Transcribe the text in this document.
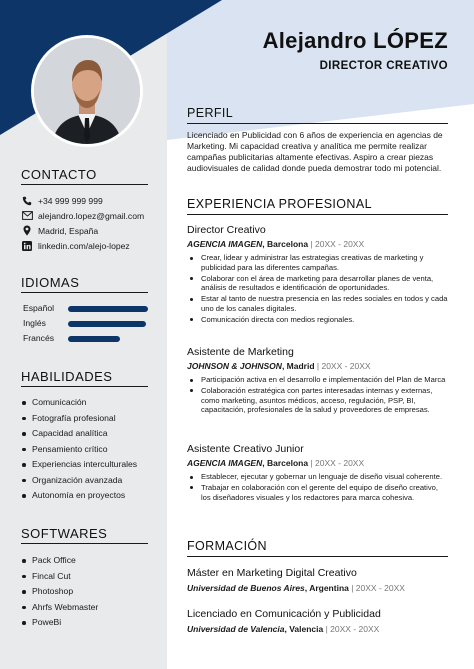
Alejandro LÓPEZ
DIRECTOR CREATIVO
CONTACTO
+34 999 999 999
alejandro.lopez@gmail.com
Madrid, España
linkedin.com/alejo-lopez
IDIOMAS
Español
Inglés
Francés
HABILIDADES
Comunicación
Fotografía profesional
Capacidad analítica
Pensamiento crítico
Experiencias interculturales
Organización avanzada
Autonomía en proyectos
SOFTWARES
Pack Office
Fincal Cut
Photoshop
Ahrfs Webmaster
PoweBi
PERFIL
Licenciado en Publicidad con 6 años de experiencia en agencias de Marketing. Mi capacidad creativa y analítica me permite realizar campañas publicitarias altamente efectivas. Aspiro a crear piezas audiovisuales de calidad donde pueda demostrar todo mi potencial.
EXPERIENCIA PROFESIONAL
Director Creativo
AGENCIA IMAGEN, Barcelona | 20XX - 20XX
Crear, lidear y administrar las estrategias creativas de marketing y publicidad para las diferentes campañas.
Colaborar con el área de marketing para desarrollar planes de venta, análisis de resultados e identificación de oportunidades.
Estar al tanto de nuestra presencia en las redes sociales en todos y cada uno de los canales digitales.
Comunicación directa con medios regionales.
Asistente de Marketing
JOHNSON & JOHNSON, Madrid | 20XX - 20XX
Participación activa en el desarrollo e implementación del Plan de Marca
Colaboración estratégica con partes interesadas internas y externas, como marketing, asuntos médicos, acceso, regulación, PSP, BI, capacitación, profesionales de la salud y proveedores de empresas.
Asistente Creativo Junior
AGENCIA IMAGEN, Barcelona | 20XX - 20XX
Establecer, ejecutar y gobernar un lenguaje de diseño visual coherente.
Trabajar en colaboración con el gerente del equipo de diseño creativo, los diseñadores visuales y los redactores para marca cohesiva.
FORMACIÓN
Máster en Marketing Digital Creativo
Universidad de Buenos Aires, Argentina | 20XX - 20XX
Licenciado en Comunicación y Publicidad
Universidad de Valencia, Valencia | 20XX - 20XX
